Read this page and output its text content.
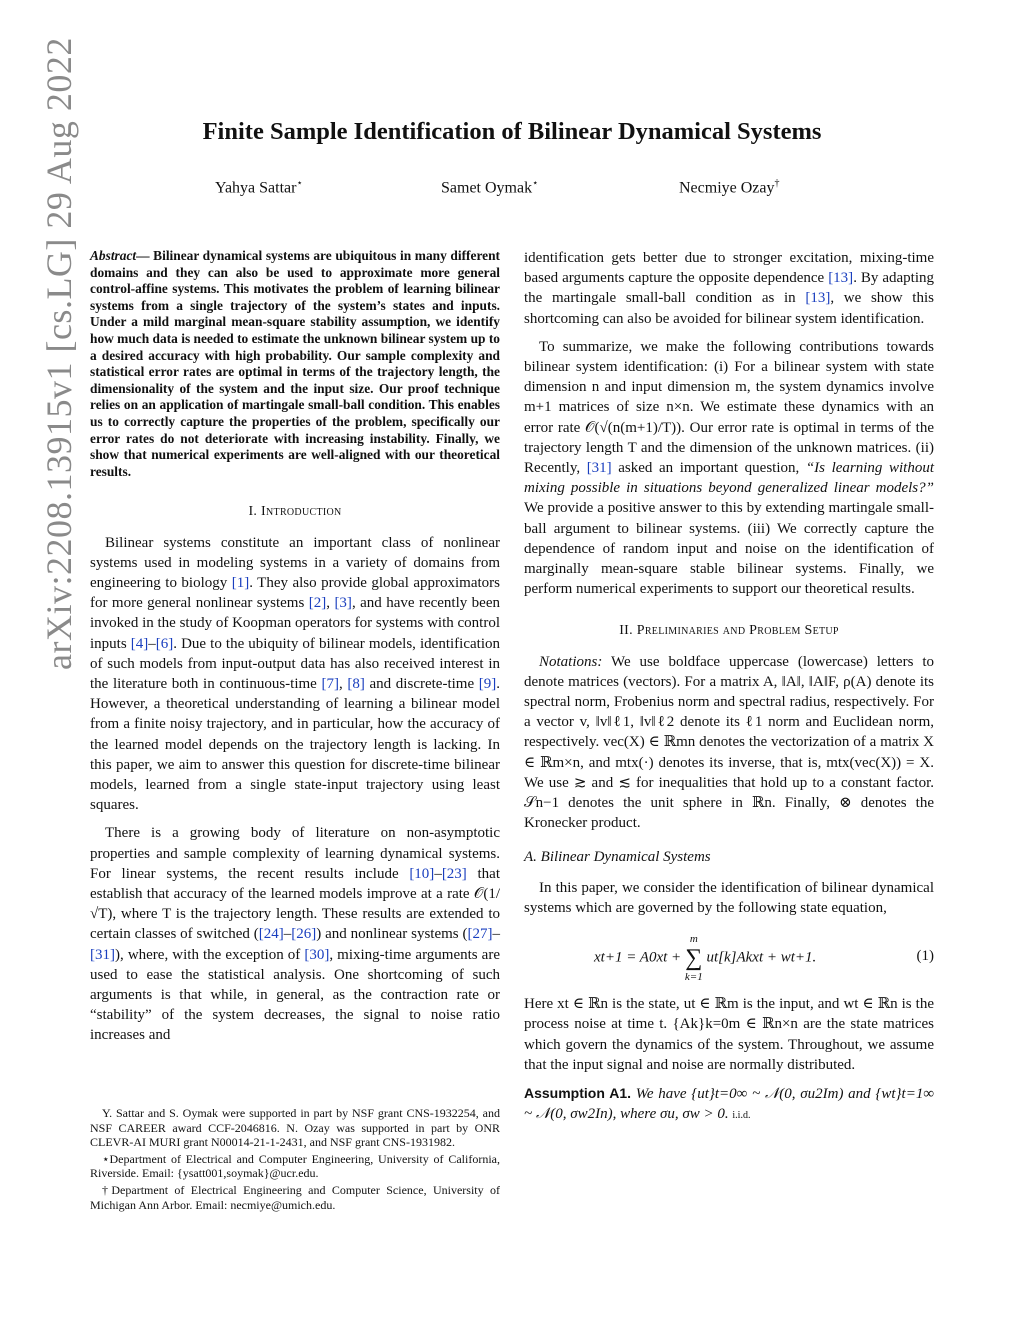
arXiv:2208.13915v1 [cs.LG] 29 Aug 2022	Finite Sample Identification of Bilinear Dynamical Systems
Yahya Sattar⋆	Samet Oymak⋆	Necmiye Ozay†

Abstract— Bilinear dynamical systems are ubiquitous in many different domains and they can also be used to approximate more general control-affine systems. This motivates the problem of learning bilinear systems from a single trajectory of the system’s states and inputs. Under a mild marginal mean-square stability assumption, we identify how much data is needed to estimate the unknown bilinear system up to a desired accuracy with high probability. Our sample complexity and statistical error rates are optimal in terms of the trajectory length, the dimensionality of the system and the input size. Our proof technique relies on an application of martingale small-ball condition. This enables us to correctly capture the properties of the problem, specifically our error rates do not deteriorate with increasing instability. Finally, we show that numerical experiments are well-aligned with our theoretical results.

I. Introduction

Bilinear systems constitute an important class of nonlinear systems used in modeling systems in a variety of domains from engineering to biology [1]. They also provide global approximators for more general nonlinear systems [2], [3], and have recently been invoked in the study of Koopman operators for systems with control inputs [4]–[6]. Due to the ubiquity of bilinear models, identification of such models from input-output data has also received interest in the literature both in continuous-time [7], [8] and discrete-time [9]. However, a theoretical understanding of learning a bilinear model from a finite noisy trajectory, and in particular, how the accuracy of the learned model depends on the trajectory length is lacking. In this paper, we aim to answer this question for discrete-time bilinear models, learned from a single state-input trajectory using least squares.

There is a growing body of literature on non-asymptotic properties and sample complexity of learning dynamical systems. For linear systems, the recent results include [10]–[23] that establish that accuracy of the learned models improve at a rate 𝒪(1/√T), where T is the trajectory length. These results are extended to certain classes of switched ([24]–[26]) and nonlinear systems ([27]–[31]), where, with the exception of [30], mixing-time arguments are used to ease the statistical analysis. One shortcoming of such arguments is that while, in general, as the contraction rate or “stability” of the system decreases, the signal to noise ratio increases and

Y. Sattar and S. Oymak were supported in part by NSF grant CNS-1932254, and NSF CAREER award CCF-2046816. N. Ozay was supported in part by ONR CLEVR-AI MURI grant N00014-21-1-2431, and NSF grant CNS-1931982.

⋆Department of Electrical and Computer Engineering, University of California, Riverside. Email: {ysatt001,soymak}@ucr.edu.

†Department of Electrical Engineering and Computer Science, University of Michigan Ann Arbor. Email: necmiye@umich.edu.

identification gets better due to stronger excitation, mixing-time based arguments capture the opposite dependence [13]. By adapting the martingale small-ball condition as in [13], we show this shortcoming can also be avoided for bilinear system identification.

To summarize, we make the following contributions towards bilinear system identification: (i) For a bilinear system with state dimension n and input dimension m, the system dynamics involve m+1 matrices of size n×n. We estimate these dynamics with an error rate 𝒪(√(n(m+1)/T)). Our error rate is optimal in terms of the trajectory length T and the dimension of the unknown matrices. (ii) Recently, [31] asked an important question, “Is learning without mixing possible in situations beyond generalized linear models?” We provide a positive answer to this by extending martingale small-ball argument to bilinear systems. (iii) We correctly capture the dependence of random input and noise on the identification of marginally mean-square stable bilinear systems. Finally, we perform numerical experiments to support our theoretical results.

II. Preliminaries and Problem Setup

Notations: We use boldface uppercase (lowercase) letters to denote matrices (vectors). For a matrix A, ‖A‖, ‖A‖F, ρ(A) denote its spectral norm, Frobenius norm and spectral radius, respectively. For a vector v, ‖v‖ℓ1, ‖v‖ℓ2 denote its ℓ1 norm and Euclidean norm, respectively. vec(X) ∈ ℝmn denotes the vectorization of a matrix X ∈ ℝm×n, and mtx(·) denotes its inverse, that is, mtx(vec(X)) = X. We use ≳ and ≲ for inequalities that hold up to a constant factor. 𝒮n−1 denotes the unit sphere in ℝn. Finally, ⊗ denotes the Kronecker product.

A. Bilinear Dynamical Systems

In this paper, we consider the identification of bilinear dynamical systems which are governed by the following state equation,

xt+1 = A0xt +
m
∑
k=1
ut[k]Akxt + wt+1.	(1)

Here xt ∈ ℝn is the state, ut ∈ ℝm is the input, and wt ∈ ℝn is the process noise at time t. {Ak}k=0m ∈ ℝn×n are the state matrices which govern the dynamics of the system. Throughout, we assume that the input signal and noise are normally distributed.

Assumption A1. We have {ut}t=0∞ ~ 𝒩(0, σu2Im) and {wt}t=1∞ ~ 𝒩(0, σw2In), where σu, σw > 0. i.i.d.
